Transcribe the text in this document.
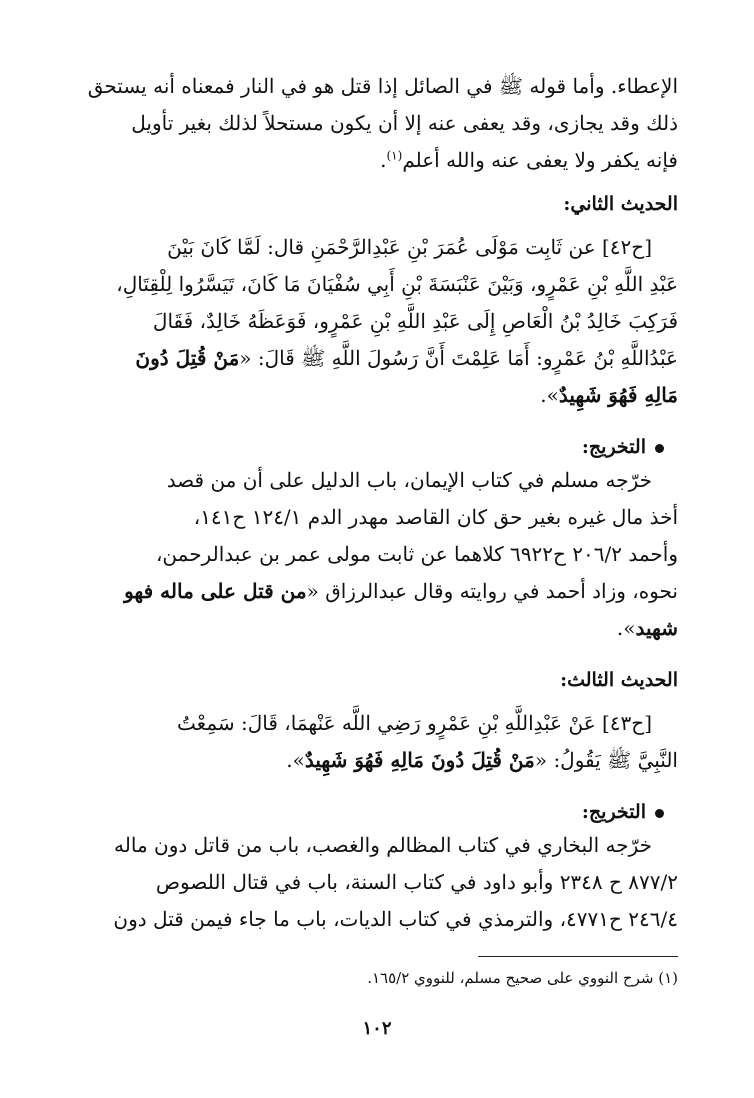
الإعطاء. وأما قوله ﷺ في الصائل إذا قتل هو في النار فمعناه أنه يستحق

ذلك وقد يجازى، وقد يعفى عنه إلا أن يكون مستحلاً لذلك بغير تأويل

فإنه يكفر ولا يعفى عنه والله أعلم$^{(١)}$.

الحديث الثاني:

[ح٤٢] عن ثَابِت مَوْلَى عُمَرَ بْنِ عَبْدِالرَّحْمَنِ قال: لَمَّا كَانَ بَيْنَ

عَبْدِ اللَّهِ بْنِ عَمْرٍو، وَبَيْنَ عَنْبَسَةَ بْنِ أَبِي سُفْيَانَ مَا كَانَ، تَيَسَّرُوا لِلْقِتَالِ،

فَرَكِبَ خَالِدُ بْنُ الْعَاصِ إِلَى عَبْدِ اللَّهِ بْنِ عَمْرٍو، فَوَعَظَهُ خَالِدٌ، فَقَالَ

عَبْدُاللَّهِ بْنُ عَمْرٍو: أَمَا عَلِمْتَ أَنَّ رَسُولَ اللَّهِ ﷺ قَالَ: «مَنْ قُتِلَ دُونَ

مَالِهِ فَهُوَ شَهِيدٌ».

التخريج:

خرّجه مسلم في كتاب الإيمان، باب الدليل على أن من قصد

أخذ مال غيره بغير حق كان القاصد مهدر الدم ١٢٤/١ ح١٤١،

وأحمد ٢٠٦/٢ ح٦٩٢٢ كلاهما عن ثابت مولى عمر بن عبدالرحمن،

نحوه، وزاد أحمد في روايته وقال عبدالرزاق «من قتل على ماله فهو

شهيد».

الحديث الثالث:

[ح٤٣] عَنْ عَبْدِاللَّهِ بْنِ عَمْرٍو رَضِي اللَّه عَنْهمَا، قَالَ: سَمِعْتُ

النَّبِيَّ ﷺ يَقُولُ: «مَنْ قُتِلَ دُونَ مَالِهِ فَهُوَ شَهِيدٌ».

التخريج:

خرّجه البخاري في كتاب المظالم والغصب، باب من قاتل دون ماله

٨٧٧/٢ ح ٢٣٤٨ وأبو داود في كتاب السنة، باب في قتال اللصوص

٢٤٦/٤ ح٤٧٧١، والترمذي في كتاب الديات، باب ما جاء فيمن قتل دون

(١) شرح النووي على صحيح مسلم، للنووي ١٦٥/٢.

١٠٢
